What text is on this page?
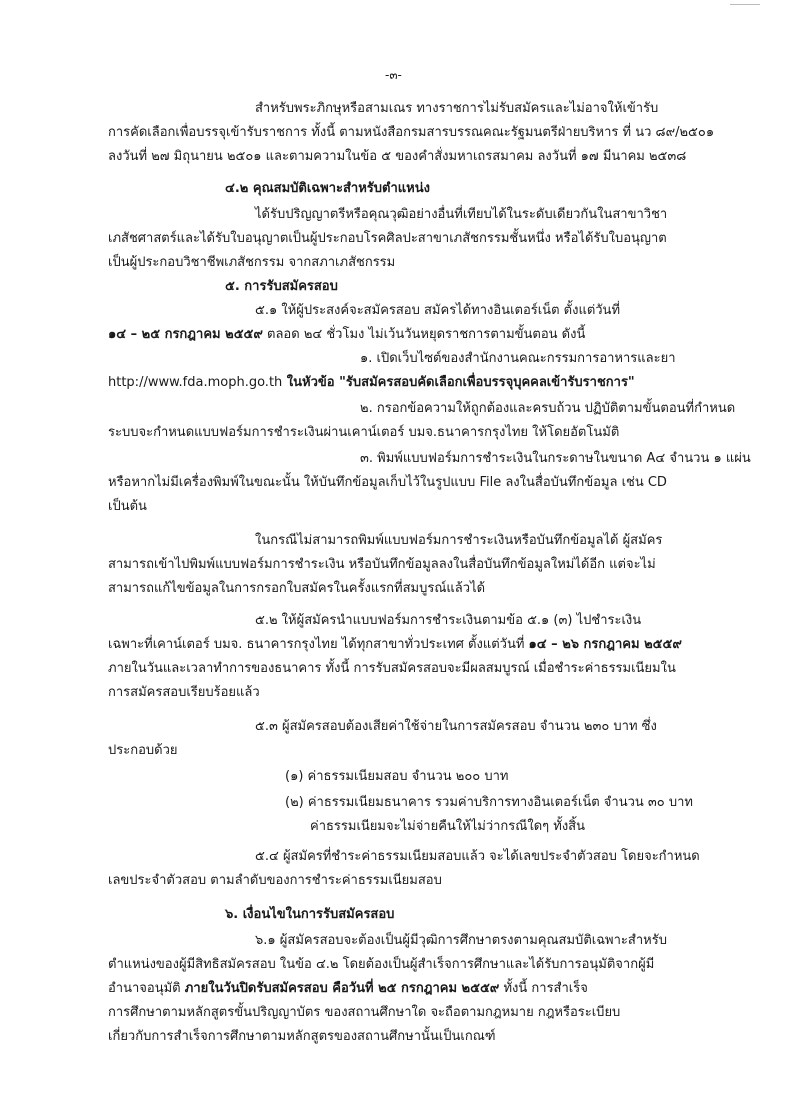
-๓-
สำหรับพระภิกษุหรือสามเณร ทางราชการไม่รับสมัครและไม่อาจให้เข้ารับ
การคัดเลือกเพื่อบรรจุเข้ารับราชการ ทั้งนี้ ตามหนังสือกรมสารบรรณคณะรัฐมนตรีฝ่ายบริหาร ที่ นว ๘๙/๒๕๐๑
ลงวันที่ ๒๗ มิถุนายน ๒๕๐๑ และตามความในข้อ ๕ ของคำสั่งมหาเถรสมาคม ลงวันที่ ๑๗ มีนาคม ๒๕๓๘
๔.๒ คุณสมบัติเฉพาะสำหรับตำแหน่ง
ได้รับปริญญาตรีหรือคุณวุฒิอย่างอื่นที่เทียบได้ในระดับเดียวกันในสาขาวิชา
เภสัชศาสตร์และได้รับใบอนุญาตเป็นผู้ประกอบโรคศิลปะสาขาเภสัชกรรมชั้นหนึ่ง หรือได้รับใบอนุญาต
เป็นผู้ประกอบวิชาชีพเภสัชกรรม จากสภาเภสัชกรรม
๕. การรับสมัครสอบ
๕.๑ ให้ผู้ประสงค์จะสมัครสอบ สมัครได้ทางอินเตอร์เน็ต ตั้งแต่วันที่
๑๔ – ๒๕ กรกฎาคม ๒๕๕๙ ตลอด ๒๔ ชั่วโมง ไม่เว้นวันหยุดราชการตามขั้นตอน ดังนี้
๑. เปิดเว็บไซต์ของสำนักงานคณะกรรมการอาหารและยา
http://www.fda.moph.go.th ในหัวข้อ "รับสมัครสอบคัดเลือกเพื่อบรรจุบุคคลเข้ารับราชการ"
๒. กรอกข้อความให้ถูกต้องและครบถ้วน ปฏิบัติตามขั้นตอนที่กำหนด
ระบบจะกำหนดแบบฟอร์มการชำระเงินผ่านเคาน์เตอร์ บมจ.ธนาคารกรุงไทย ให้โดยอัตโนมัติ
๓. พิมพ์แบบฟอร์มการชำระเงินในกระดาษในขนาด A๔ จำนวน ๑ แผ่น
หรือหากไม่มีเครื่องพิมพ์ในขณะนั้น ให้บันทึกข้อมูลเก็บไว้ในรูปแบบ File ลงในสื่อบันทึกข้อมูล เช่น CD
เป็นต้น
ในกรณีไม่สามารถพิมพ์แบบฟอร์มการชำระเงินหรือบันทึกข้อมูลได้ ผู้สมัคร
สามารถเข้าไปพิมพ์แบบฟอร์มการชำระเงิน หรือบันทึกข้อมูลลงในสื่อบันทึกข้อมูลใหม่ได้อีก แต่จะไม่
สามารถแก้ไขข้อมูลในการกรอกใบสมัครในครั้งแรกที่สมบูรณ์แล้วได้
๕.๒ ให้ผู้สมัครนำแบบฟอร์มการชำระเงินตามข้อ ๕.๑ (๓) ไปชำระเงิน
เฉพาะที่เคาน์เตอร์ บมจ. ธนาคารกรุงไทย ได้ทุกสาขาทั่วประเทศ ตั้งแต่วันที่ ๑๔ – ๒๖ กรกฎาคม ๒๕๕๙
ภายในวันและเวลาทำการของธนาคาร ทั้งนี้ การรับสมัครสอบจะมีผลสมบูรณ์ เมื่อชำระค่าธรรมเนียมใน
การสมัครสอบเรียบร้อยแล้ว
๕.๓ ผู้สมัครสอบต้องเสียค่าใช้จ่ายในการสมัครสอบ จำนวน ๒๓๐ บาท ซึ่ง
ประกอบด้วย
(๑) ค่าธรรมเนียมสอบ จำนวน ๒๐๐ บาท
(๒) ค่าธรรมเนียมธนาคาร รวมค่าบริการทางอินเตอร์เน็ต จำนวน ๓๐ บาท
ค่าธรรมเนียมจะไม่จ่ายคืนให้ไม่ว่ากรณีใดๆ ทั้งสิ้น
๕.๔ ผู้สมัครที่ชำระค่าธรรมเนียมสอบแล้ว จะได้เลขประจำตัวสอบ โดยจะกำหนด
เลขประจำตัวสอบ ตามลำดับของการชำระค่าธรรมเนียมสอบ
๖. เงื่อนไขในการรับสมัครสอบ
๖.๑ ผู้สมัครสอบจะต้องเป็นผู้มีวุฒิการศึกษาตรงตามคุณสมบัติเฉพาะสำหรับ
ตำแหน่งของผู้มีสิทธิสมัครสอบ ในข้อ ๔.๒ โดยต้องเป็นผู้สำเร็จการศึกษาและได้รับการอนุมัติจากผู้มี
อำนาจอนุมัติ ภายในวันปิดรับสมัครสอบ คือวันที่ ๒๕ กรกฎาคม ๒๕๕๙ ทั้งนี้ การสำเร็จ
การศึกษาตามหลักสูตรขั้นปริญญาบัตร ของสถานศึกษาใด จะถือตามกฎหมาย กฎหรือระเบียบ
เกี่ยวกับการสำเร็จการศึกษาตามหลักสูตรของสถานศึกษานั้นเป็นเกณฑ์
